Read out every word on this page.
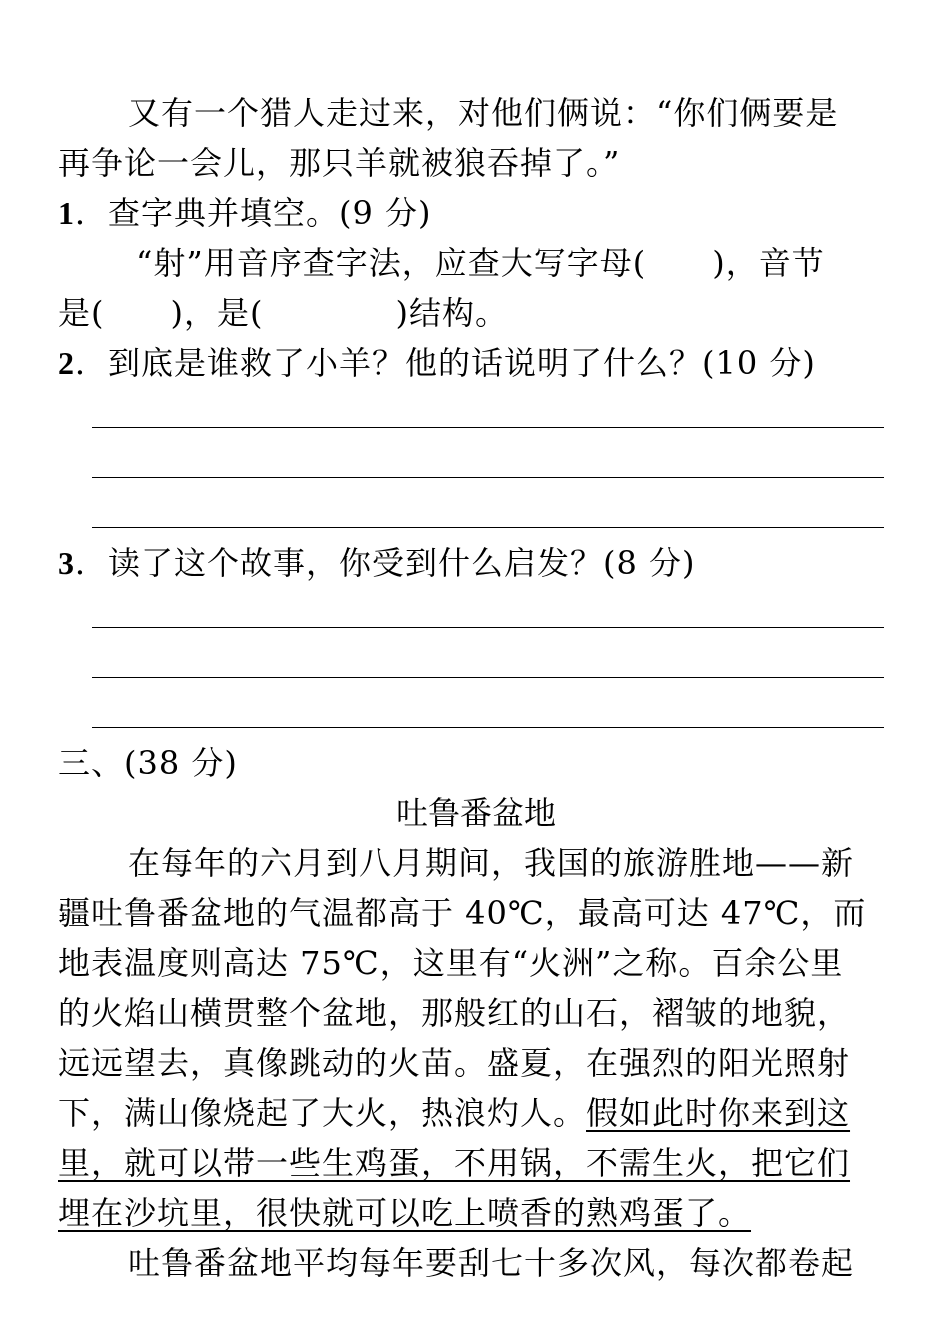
又有一个猎人走过来，对他们俩说：“你们俩要是
再争论一会儿，那只羊就被狼吞掉了。”
1．查字典并填空。(9 分)
“射”用音序查字法，应查大写字母(　　)，音节
是(　　)，是(　　　　)结构。
2．到底是谁救了小羊？他的话说明了什么？(10 分)
3．读了这个故事，你受到什么启发？(8 分)
三、(38 分)
吐鲁番盆地
在每年的六月到八月期间，我国的旅游胜地——新
疆吐鲁番盆地的气温都高于 40℃，最高可达 47℃，而
地表温度则高达 75℃，这里有“火洲”之称。百余公里
的火焰山横贯整个盆地，那般红的山石，褶皱的地貌，
远远望去，真像跳动的火苗。盛夏，在强烈的阳光照射
下，满山像烧起了大火，热浪灼人。假如此时你来到这
里，就可以带一些生鸡蛋，不用锅，不需生火，把它们
埋在沙坑里，很快就可以吃上喷香的熟鸡蛋了。
吐鲁番盆地平均每年要刮七十多次风，每次都卷起
